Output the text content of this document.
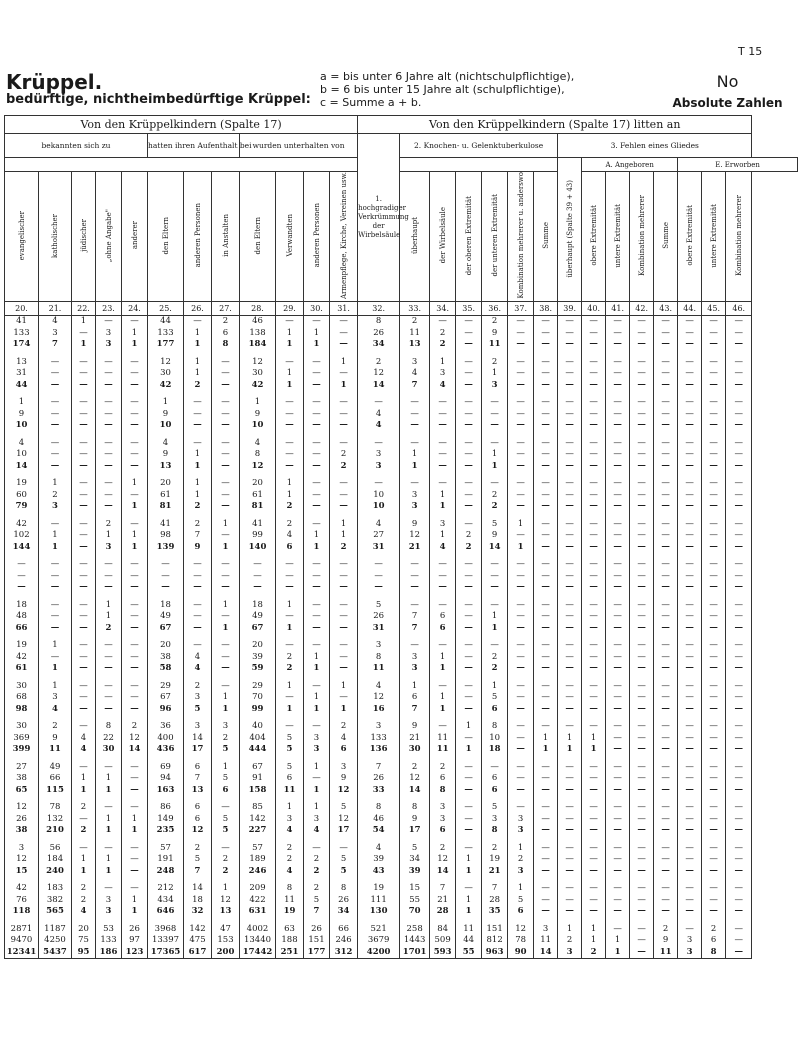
T 15
Krüppel.
bedürftige, nichtheimbedürftige Krüppel:
a = bis unter 6 Jahre alt (nichtschulpflichtige),
b = 6 bis unter 15 Jahre alt (schulpflichtige),
c = Summe a + b.
No
Absolute Zahlen
Von den Krüppelkindern (Spalte 17)												Von den Krüppelkindern (Spalte 17) litten an														
bekannten sich zu					hatten ihren Aufenthalt bei			wurden unterhalten von				1. hochgradiger Verkrümmung der Wirbelsäule	2. Knochen- u. Gelenktuberkulose						3. Fehlen eines Gliedes							
																			überhaupt (Spalte 39 + 43)	A. Angeboren				E. Erworben		
evangelischer	katholischer	jüdischer	„ohne Angabe"	anderer	den Eltern	anderen Personen	in Anstalten	den Eltern	Verwandten	anderen Personen	Armenpflege, Kirche, Vereinen usw.		überhaupt	der Wirbelsäule	der oberen Extremität	der unteren Extremität	Kombination mehrerer u. anderswo	Summe		obere Extremität	untere Extremität	Kombination mehrerer	Summe	obere Extremität	untere Extremität	Kombination mehrerer
20.	21.	22.	23.	24.	25.	26.	27.	28.	29.	30.	31.	32.	33.	34.	35.	36.	37.	38.	39.	40.	41.	42.	43.	44.	45.	46.
41	4	1	—	—	44	—	2	46	—	—	—	8	2	—	—	2	—	—	—	—	—	—	—	—	—	—
133	3	—	3	1	133	1	6	138	1	1	—	26	11	2	—	9	—	—	—	—	—	—	—	—	—	—
174	7	1	3	1	177	1	8	184	1	1	—	34	13	2	—	11	—	—	—	—	—	—	—	—	—	—

13	—	—	—	—	12	1	—	12	—	—	1	2	3	1	—	2	—	—	—	—	—	—	—	—	—	—
31	—	—	—	—	30	1	—	30	1	—	—	12	4	3	—	1	—	—	—	—	—	—	—	—	—	—
44	—	—	—	—	42	2	—	42	1	—	1	14	7	4	—	3	—	—	—	—	—	—	—	—	—	—

1	—	—	—	—	1	—	—	1	—	—	—	—	—	—	—	—	—	—	—	—	—	—	—	—	—	—
9	—	—	—	—	9	—	—	9	—	—	—	4	—	—	—	—	—	—	—	—	—	—	—	—	—	—
10	—	—	—	—	10	—	—	10	—	—	—	4	—	—	—	—	—	—	—	—	—	—	—	—	—	—

4	—	—	—	—	4	—	—	4	—	—	—	—	—	—	—	—	—	—	—	—	—	—	—	—	—	—
10	—	—	—	—	9	1	—	8	—	—	2	3	1	—	—	1	—	—	—	—	—	—	—	—	—	—
14	—	—	—	—	13	1	—	12	—	—	2	3	1	—	—	1	—	—	—	—	—	—	—	—	—	—

19	1	—	—	1	20	1	—	20	1	—	—	—	—	—	—	—	—	—	—	—	—	—	—	—	—	—
60	2	—	—	—	61	1	—	61	1	—	—	10	3	1	—	2	—	—	—	—	—	—	—	—	—	—
79	3	—	—	1	81	2	—	81	2	—	—	10	3	1	—	2	—	—	—	—	—	—	—	—	—	—

42	—	—	2	—	41	2	1	41	2	—	1	4	9	3	—	5	1	—	—	—	—	—	—	—	—	—
102	1	—	1	1	98	7	—	99	4	1	1	27	12	1	2	9	—	—	—	—	—	—	—	—	—	—
144	1	—	3	1	139	9	1	140	6	1	2	31	21	4	2	14	1	—	—	—	—	—	—	—	—	—

—	—	—	—	—	—	—	—	—	—	—	—	—	—	—	—	—	—	—	—	—	—	—	—	—	—	—
—	—	—	—	—	—	—	—	—	—	—	—	—	—	—	—	—	—	—	—	—	—	—	—	—	—	—
—	—	—	—	—	—	—	—	—	—	—	—	—	—	—	—	—	—	—	—	—	—	—	—	—	—	—

18	—	—	1	—	18	—	1	18	1	—	—	5	—	—	—	—	—	—	—	—	—	—	—	—	—	—
48	—	—	1	—	49	—	—	49	—	—	—	26	7	6	—	1	—	—	—	—	—	—	—	—	—	—
66	—	—	2	—	67	—	1	67	1	—	—	31	7	6	—	1	—	—	—	—	—	—	—	—	—	—

19	1	—	—	—	20	—	—	20	—	—	—	3	—	—	—	—	—	—	—	—	—	—	—	—	—	—
42	—	—	—	—	38	4	—	39	2	1	—	8	3	1	—	2	—	—	—	—	—	—	—	—	—	—
61	1	—	—	—	58	4	—	59	2	1	—	11	3	1	—	2	—	—	—	—	—	—	—	—	—	—

30	1	—	—	—	29	2	—	29	1	—	1	4	1	—	—	1	—	—	—	—	—	—	—	—	—	—
68	3	—	—	—	67	3	1	70	—	1	—	12	6	1	—	5	—	—	—	—	—	—	—	—	—	—
98	4	—	—	—	96	5	1	99	1	1	1	16	7	1	—	6	—	—	—	—	—	—	—	—	—	—

30	2	—	8	2	36	3	3	40	—	—	2	3	9	—	1	8	—	—	—	—	—	—	—	—	—	—
369	9	4	22	12	400	14	2	404	5	3	4	133	21	11	—	10	—	1	1	1	—	—	—	—	—	—
399	11	4	30	14	436	17	5	444	5	3	6	136	30	11	1	18	—	1	1	1	—	—	—	—	—	—

27	49	—	—	—	69	6	1	67	5	1	3	7	2	2	—	—	—	—	—	—	—	—	—	—	—	—
38	66	1	1	—	94	7	5	91	6	—	9	26	12	6	—	6	—	—	—	—	—	—	—	—	—	—
65	115	1	1	—	163	13	6	158	11	1	12	33	14	8	—	6	—	—	—	—	—	—	—	—	—	—

12	78	2	—	—	86	6	—	85	1	1	5	8	8	3	—	5	—	—	—	—	—	—	—	—	—	—
26	132	—	1	1	149	6	5	142	3	3	12	46	9	3	—	3	3	—	—	—	—	—	—	—	—	—
38	210	2	1	1	235	12	5	227	4	4	17	54	17	6	—	8	3	—	—	—	—	—	—	—	—	—

3	56	—	—	—	57	2	—	57	2	—	—	4	5	2	—	2	1	—	—	—	—	—	—	—	—	—
12	184	1	1	—	191	5	2	189	2	2	5	39	34	12	1	19	2	—	—	—	—	—	—	—	—	—
15	240	1	1	—	248	7	2	246	4	2	5	43	39	14	1	21	3	—	—	—	—	—	—	—	—	—

42	183	2	—	—	212	14	1	209	8	2	8	19	15	7	—	7	1	—	—	—	—	—	—	—	—	—
76	382	2	3	1	434	18	12	422	11	5	26	111	55	21	1	28	5	—	—	—	—	—	—	—	—	—
118	565	4	3	1	646	32	13	631	19	7	34	130	70	28	1	35	6	—	—	—	—	—	—	—	—	—

2871	1187	20	53	26	3968	142	47	4002	63	26	66	521	258	84	11	151	12	3	1	1	—	—	2	—	2	—
9470	4250	75	133	97	13397	475	153	13440	188	151	246	3679	1443	509	44	812	78	11	2	1	1	—	9	3	6	—
12341	5437	95	186	123	17365	617	200	17442	251	177	312	4200	1701	593	55	963	90	14	3	2	1	—	11	3	8	—
